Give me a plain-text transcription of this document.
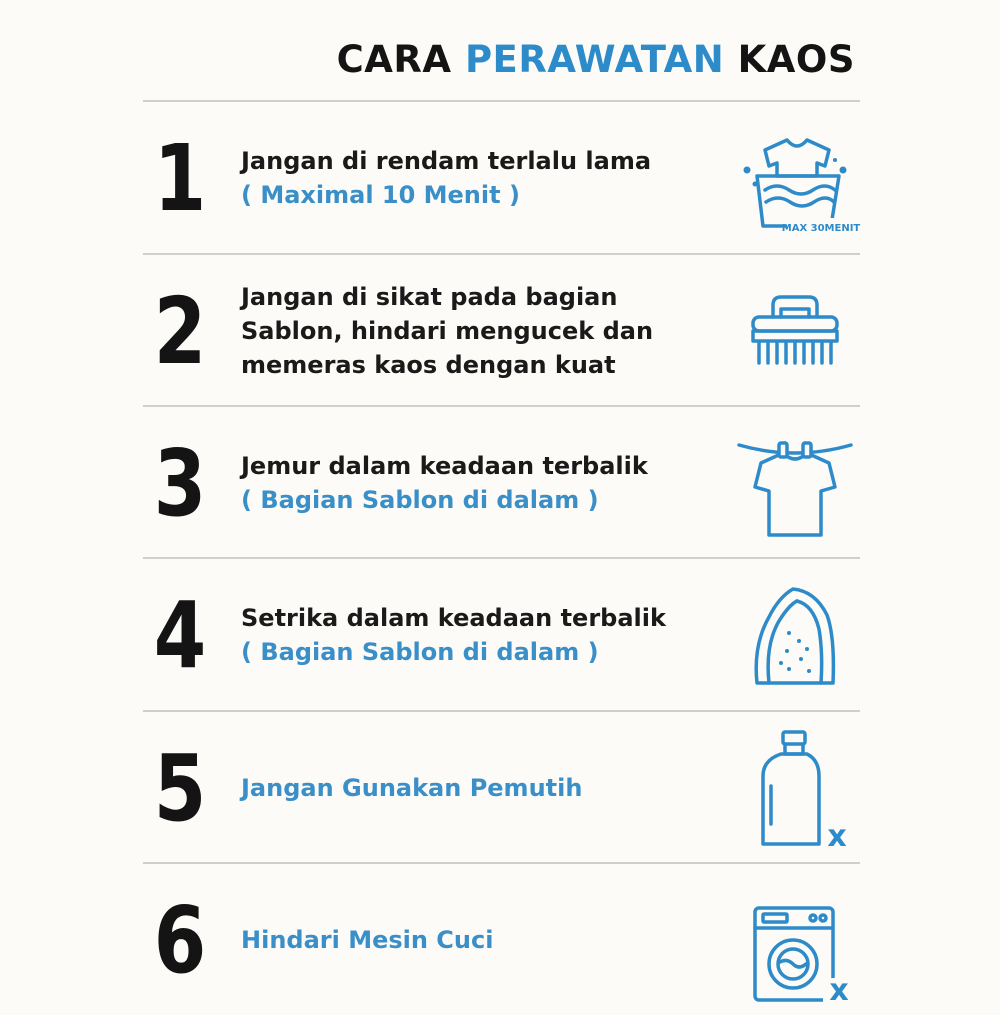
CARA PERAWATAN KAOS
1 Jangan di rendam terlalu lama
( Maximal 10 Menit )
MAX 30MENIT
2 Jangan di sikat pada bagian
Sablon, hindari mengucek dan
memeras kaos dengan kuat
3 Jemur dalam keadaan terbalik
( Bagian Sablon di dalam )
4 Setrika dalam keadaan terbalik
( Bagian Sablon di dalam )
5 Jangan Gunakan Pemutih
x
6 Hindari Mesin Cuci
x
